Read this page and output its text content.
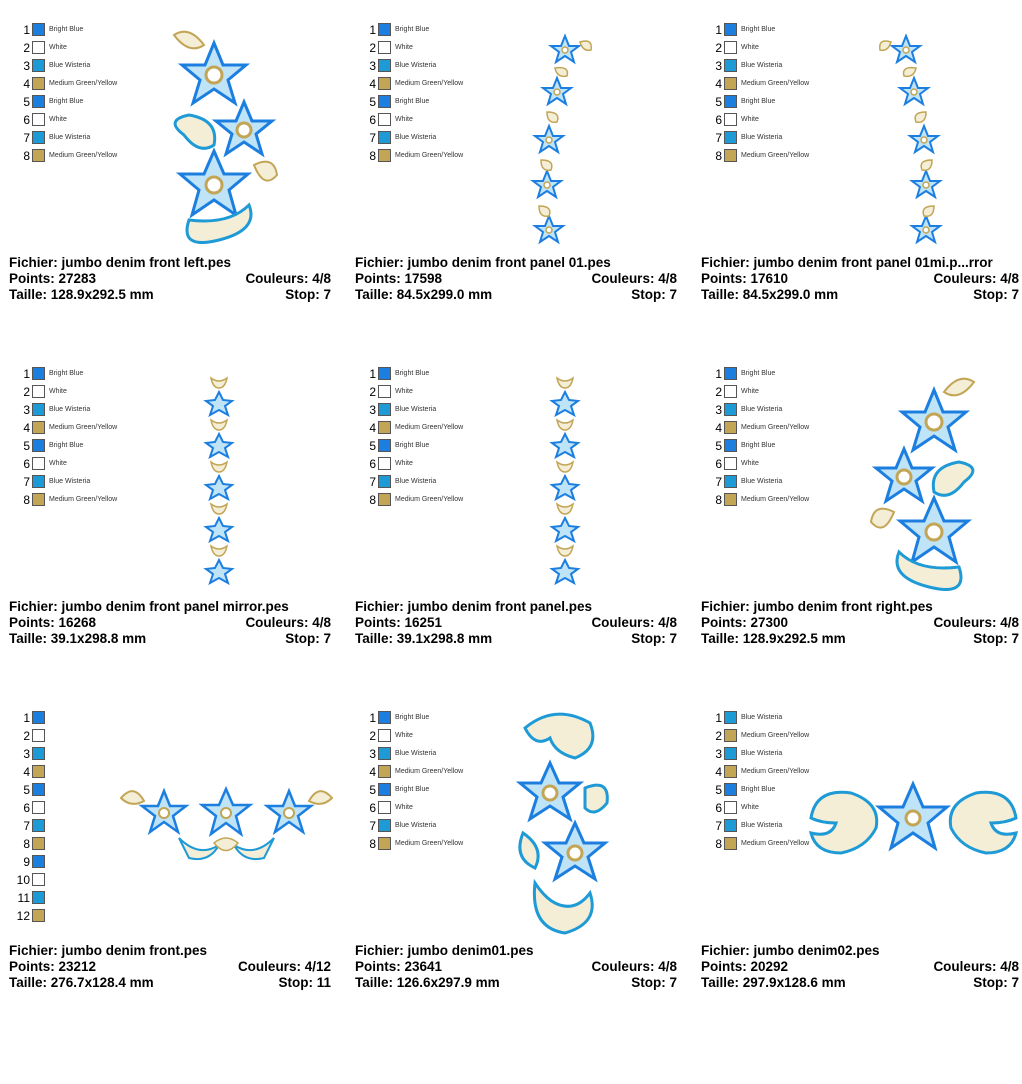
1	Bright Blue
2	White
3	Blue Wisteria
4	Medium Green/Yellow
5	Bright Blue
6	White
7	Blue Wisteria
8	Medium Green/Yellow
Fichier: jumbo denim front left.pes
Points: 27283	Couleurs: 4/8
Taille: 128.9x292.5 mm	Stop: 7
1	Bright Blue
2	White
3	Blue Wisteria
4	Medium Green/Yellow
5	Bright Blue
6	White
7	Blue Wisteria
8	Medium Green/Yellow
Fichier: jumbo denim front panel 01.pes
Points: 17598	Couleurs: 4/8
Taille: 84.5x299.0 mm	Stop: 7
1	Bright Blue
2	White
3	Blue Wisteria
4	Medium Green/Yellow
5	Bright Blue
6	White
7	Blue Wisteria
8	Medium Green/Yellow
Fichier: jumbo denim front panel 01mi.p...rror
Points: 17610	Couleurs: 4/8
Taille: 84.5x299.0 mm	Stop: 7
1	Bright Blue
2	White
3	Blue Wisteria
4	Medium Green/Yellow
5	Bright Blue
6	White
7	Blue Wisteria
8	Medium Green/Yellow
Fichier: jumbo denim front panel mirror.pes
Points: 16268	Couleurs: 4/8
Taille: 39.1x298.8 mm	Stop: 7
1	Bright Blue
2	White
3	Blue Wisteria
4	Medium Green/Yellow
5	Bright Blue
6	White
7	Blue Wisteria
8	Medium Green/Yellow
Fichier: jumbo denim front panel.pes
Points: 16251	Couleurs: 4/8
Taille: 39.1x298.8 mm	Stop: 7
1	Bright Blue
2	White
3	Blue Wisteria
4	Medium Green/Yellow
5	Bright Blue
6	White
7	Blue Wisteria
8	Medium Green/Yellow
Fichier: jumbo denim front right.pes
Points: 27300	Couleurs: 4/8
Taille: 128.9x292.5 mm	Stop: 7
1
2
3
4
5
6
7
8
9
10
11
12
Fichier: jumbo denim front.pes
Points: 23212	Couleurs: 4/12
Taille: 276.7x128.4 mm	Stop: 11
1	Bright Blue
2	White
3	Blue Wisteria
4	Medium Green/Yellow
5	Bright Blue
6	White
7	Blue Wisteria
8	Medium Green/Yellow
Fichier: jumbo denim01.pes
Points: 23641	Couleurs: 4/8
Taille: 126.6x297.9 mm	Stop: 7
1	Blue Wisteria
2	Medium Green/Yellow
3	Blue Wisteria
4	Medium Green/Yellow
5	Bright Blue
6	White
7	Blue Wisteria
8	Medium Green/Yellow
Fichier: jumbo denim02.pes
Points: 20292	Couleurs: 4/8
Taille: 297.9x128.6 mm	Stop: 7
